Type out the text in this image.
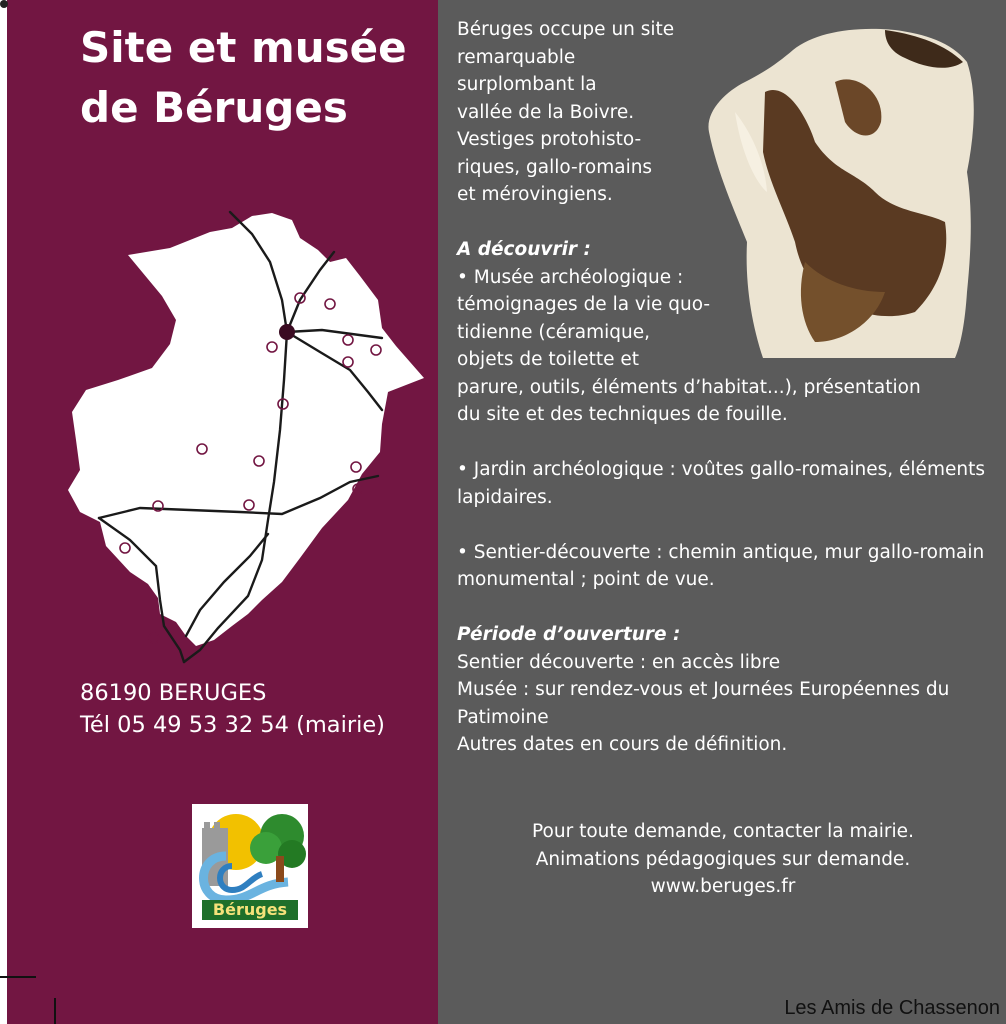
Site et musée
de Béruges
86190 BERUGES
Tél 05 49 53 32 54 (mairie)
Béruges
Béruges occupe un site
remarquable
surplombant la
vallée de la Boivre.
Vestiges protohisto-
riques, gallo-romains
et mérovingiens.
A découvrir :
• Musée archéologique :
témoignages de la vie quo-
tidienne (céramique,
objets de toilette et
parure, outils, éléments d’habitat...), présentation
du site et des techniques de fouille.
• Jardin archéologique : voûtes gallo-romaines, éléments
lapidaires.
• Sentier-découverte : chemin antique, mur gallo-romain
monumental ; point de vue.
Période d’ouverture :
Sentier découverte : en accès libre
Musée : sur rendez-vous et Journées Européennes du
Patimoine
Autres dates en cours de définition.
Pour toute demande, contacter la mairie.
Animations pédagogiques sur demande.
www.beruges.fr
Les Amis de Chassenon
